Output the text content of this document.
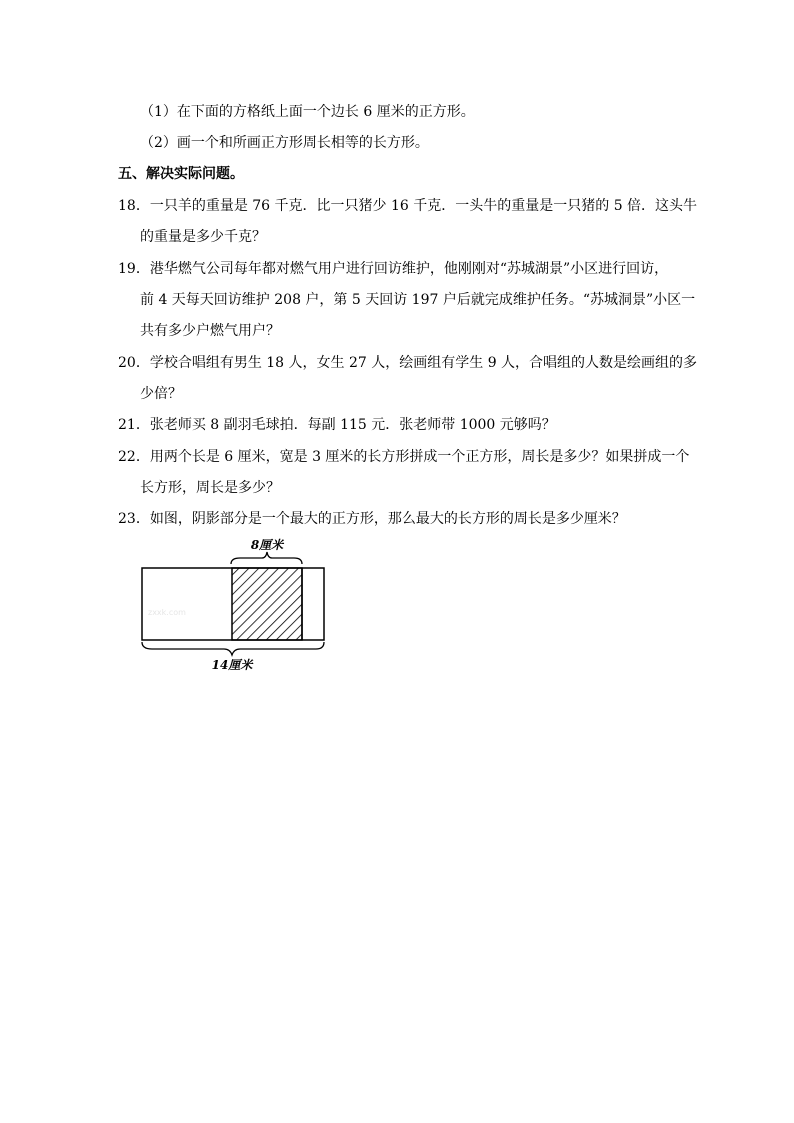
（1）在下面的方格纸上面一个边长 6 厘米的正方形。
（2）画一个和所画正方形周长相等的长方形。
五、解决实际问题。
18．一只羊的重量是 76 千克．比一只猪少 16 千克．一头牛的重量是一只猪的 5 倍．这头牛
的重量是多少千克？
19．港华燃气公司每年都对燃气用户进行回访维护，他刚刚对“苏城湖景”小区进行回访，
前 4 天每天回访维护 208 户，第 5 天回访 197 户后就完成维护任务。“苏城洞景”小区一
共有多少户燃气用户？
20．学校合唱组有男生 18 人，女生 27 人，绘画组有学生 9 人，合唱组的人数是绘画组的多
少倍？
21．张老师买 8 副羽毛球拍．每副 115 元．张老师带 1000 元够吗？
22．用两个长是 6 厘米，宽是 3 厘米的长方形拼成一个正方形，周长是多少？如果拼成一个
长方形，周长是多少？
23．如图，阴影部分是一个最大的正方形，那么最大的长方形的周长是多少厘米？
8厘米
zxxk.com
14厘米
